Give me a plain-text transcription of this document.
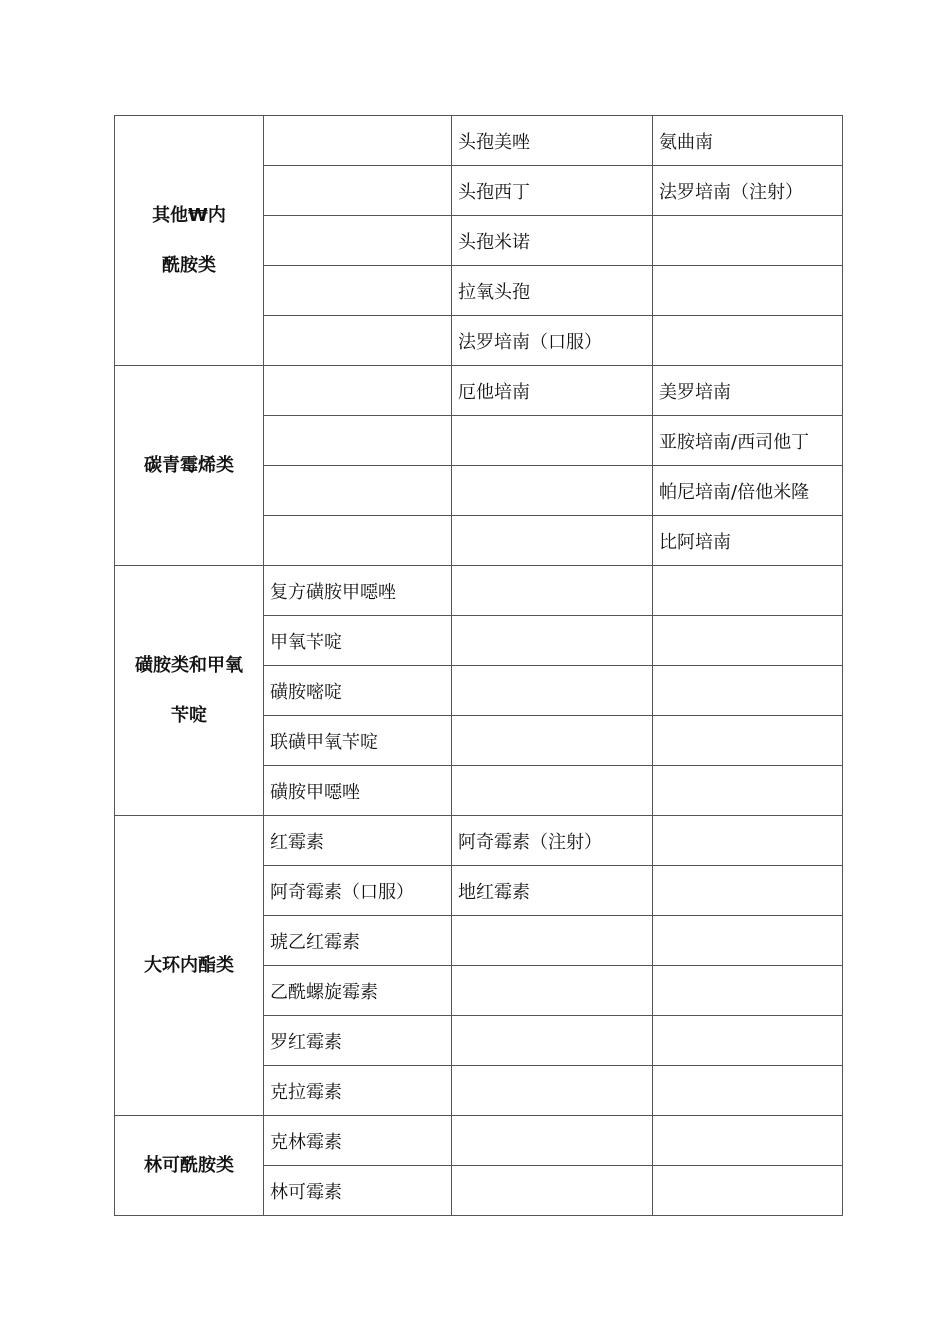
其他₩内
酰胺类		头孢美唑	氨曲南
		头孢西丁	法罗培南（注射）
		头孢米诺	
		拉氧头孢	
		法罗培南（口服）	

碳青霉烯类		厄他培南	美罗培南
			亚胺培南/西司他丁
			帕尼培南/倍他米隆
			比阿培南

磺胺类和甲氧
苄啶	复方磺胺甲噁唑		
	甲氧苄啶		
	磺胺嘧啶		
	联磺甲氧苄啶		
	磺胺甲噁唑		

大环内酯类	红霉素	阿奇霉素（注射）	
	阿奇霉素（口服）	地红霉素	
	琥乙红霉素		
	乙酰螺旋霉素		
	罗红霉素		
	克拉霉素		

林可酰胺类	克林霉素		
	林可霉素		
